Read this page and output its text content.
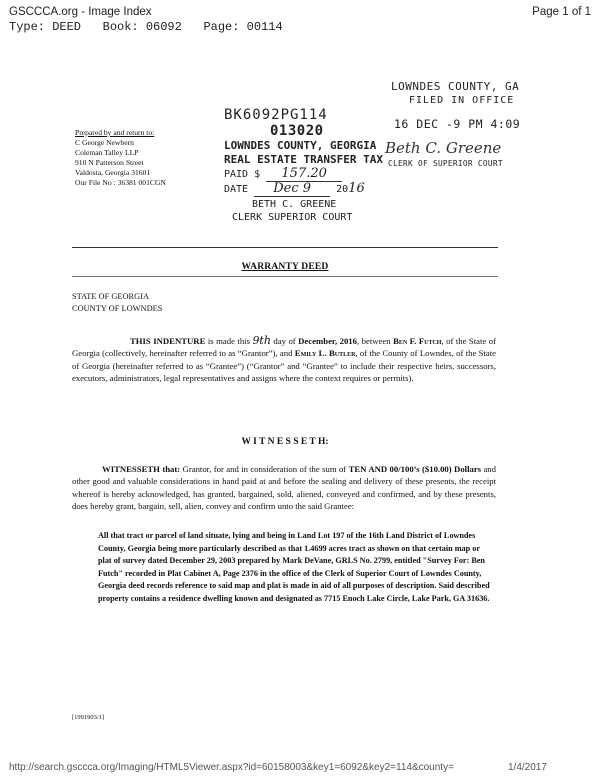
GSCCCA.org - Image Index	Page 1 of 1
Type: DEED Book: 06092 Page: 00114
LOWNDES COUNTY, GA
FILED IN OFFICE
16 DEC -9 PM 4:09
Beth C. Greene
CLERK OF SUPERIOR COURT
BK6092PG114
013020
LOWNDES COUNTY, GEORGIA
REAL ESTATE TRANSFER TAX
PAID $ 157.20
DATE Dec 9	2016
BETH C. GREENE
CLERK SUPERIOR COURT
Prepared by and return to:
C George Newbern
Coleman Talley LLP
910 N Patterson Street
Valdosta, Georgia 31601
Our File No : 36381 001CGN
WARRANTY DEED
STATE OF GEORGIA
COUNTY OF LOWNDES
THIS INDENTURE is made this 9th day of December, 2016, between Ben F. Futch, of the State of Georgia (collectively, hereinafter referred to as “Grantor”), and Emily L. Butler, of the County of Lowndes, of the State of Georgia (hereinafter referred to as “Grantee”) (“Grantor” and “Grantee” to include their respective heirs, successors, executors, administrators, legal representatives and assigns where the context requires or permits).
W I T N E S S E T H:
WITNESSETH that: Grantor, for and in consideration of the sum of TEN AND 00/100’s ($10.00) Dollars and other good and valuable considerations in hand paid at and before the sealing and delivery of these presents, the receipt whereof is hereby acknowledged, has granted, bargained, sold, aliened, conveyed and confirmed, and by these presents, does hereby grant, bargain, sell, alien, convey and confirm unto the said Grantee:
All that tract or parcel of land situate, lying and being in Land Lot 197 of the 16th Land District of Lowndes County, Georgia being more particularly described as that 1.4699 acres tract as shown on that certain map or plat of survey dated December 29, 2003 prepared by Mark DeVane, GRLS No. 2799, entitled "Survey For: Ben Futch" recorded in Plat Cabinet A, Page 2376 in the office of the Clerk of Superior Court of Lowndes County, Georgia deed records reference to said map and plat is made in aid of all purposes of description. Said described property contains a residence dwelling known and designated as 7715 Enoch Lake Circle, Lake Park, GA 31636.
[1991903/1]
http://search.gsccca.org/Imaging/HTML5Viewer.aspx?id=60158003&key1=6092&key2=114&county=	1/4/2017
